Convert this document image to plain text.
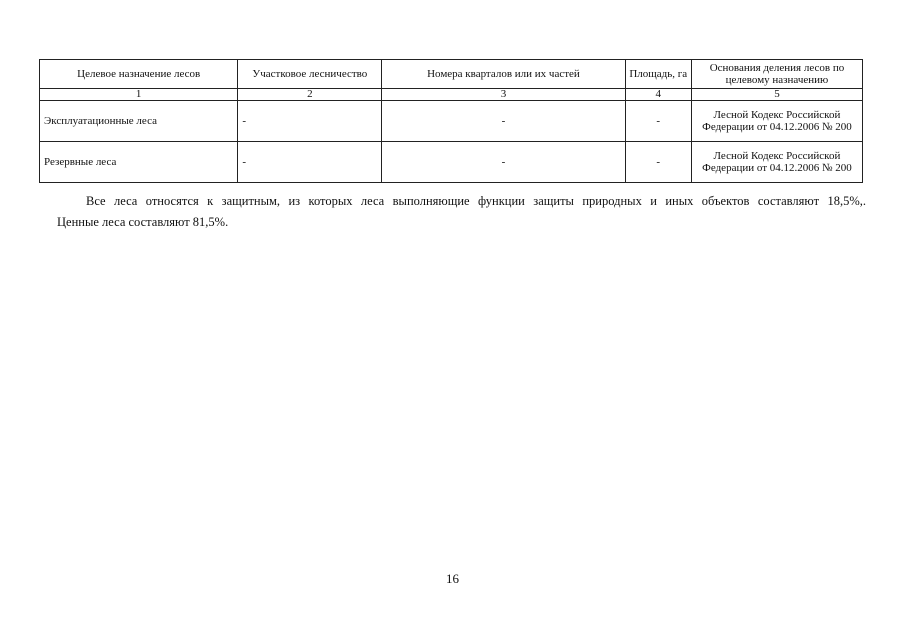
Целевое назначение лесов	Участковое лесничество	Номера кварталов или их частей	Площадь, га	Основания деления лесов по целевому назначению
1	2	3	4	5
Эксплуатационные леса	-	-	-	Лесной Кодекс Российской Федерации от 04.12.2006 № 200
Резервные леса	-	-	-	Лесной Кодекс Российской Федерации от 04.12.2006 № 200
Все леса относятся к защитным, из которых леса выполняющие функции защиты природных и иных объектов составляют 18,5%,.
Ценные леса составляют 81,5%.
16
